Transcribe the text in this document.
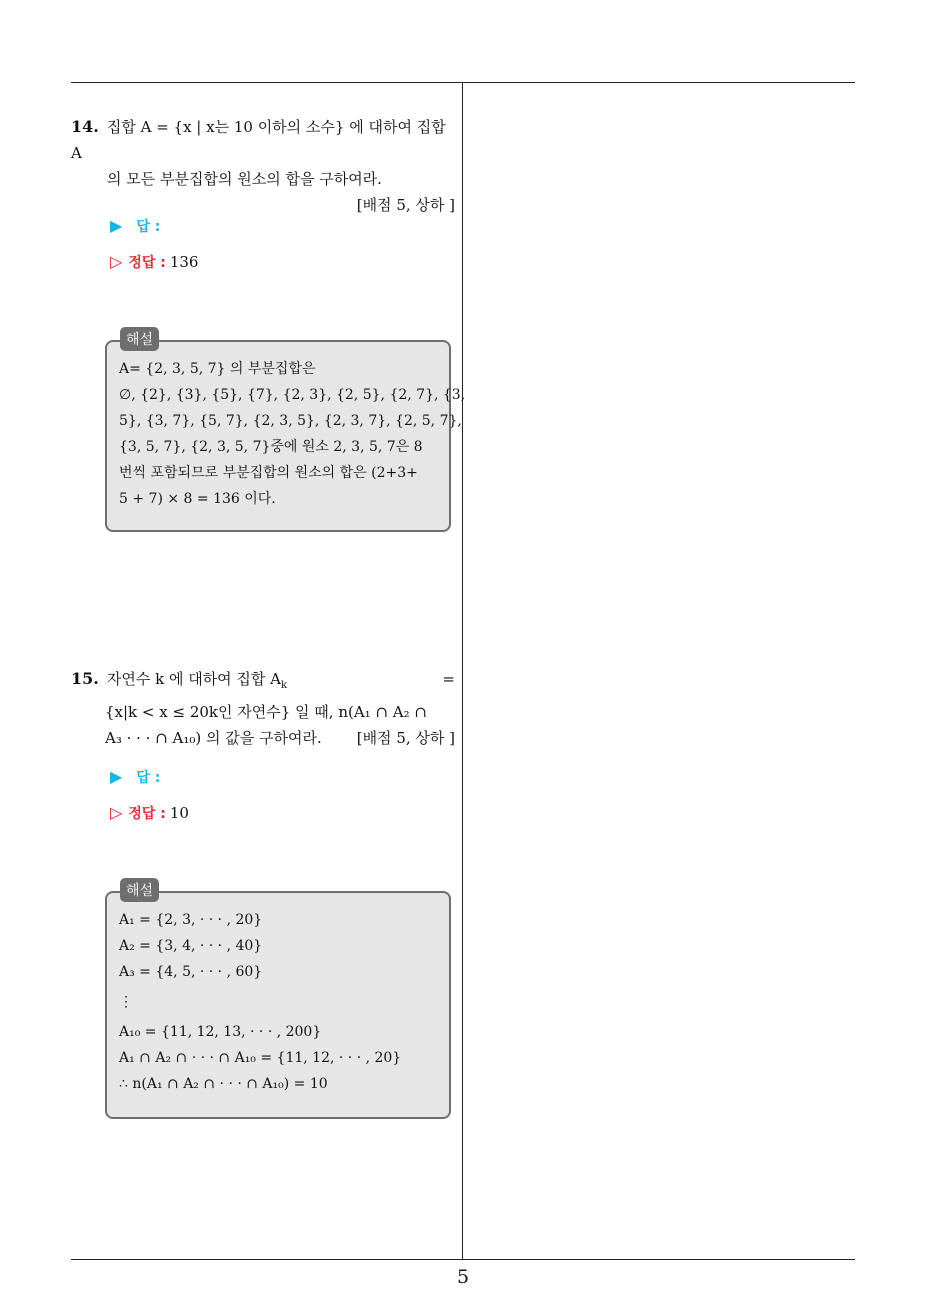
14. 집합 A = {x | x는 10 이하의 소수} 에 대하여 집합 A
의 모든 부분집합의 원소의 합을 구하여라.
[배점 5, 상하 ]
▶ 답 :
▷ 정답 : 136
A= {2, 3, 5, 7} 의 부분집합은
∅, {2}, {3}, {5}, {7}, {2, 3}, {2, 5}, {2, 7}, {3,
5}, {3, 7}, {5, 7}, {2, 3, 5}, {2, 3, 7}, {2, 5, 7},
{3, 5, 7}, {2, 3, 5, 7}중에 원소 2, 3, 5, 7은 8
번씩 포함되므로 부분집합의 원소의 합은 (2+3+
5 + 7) × 8 = 136 이다.
해설
15. 자연수 k 에 대하여 집합 $A_k$	=
{x|k < x ≤ 20k인 자연수} 일 때, n(A₁ ∩ A₂ ∩
A₃ · · · ∩ A₁₀) 의 값을 구하여라. [배점 5, 상하 ]
▶ 답 :
▷ 정답 : 10
A₁ = {2, 3, · · · , 20}
A₂ = {3, 4, · · · , 40}
A₃ = {4, 5, · · · , 60}
⋮
A₁₀ = {11, 12, 13, · · · , 200}
A₁ ∩ A₂ ∩ · · · ∩ A₁₀ = {11, 12, · · · , 20}
∴ n(A₁ ∩ A₂ ∩ · · · ∩ A₁₀) = 10
해설
5
